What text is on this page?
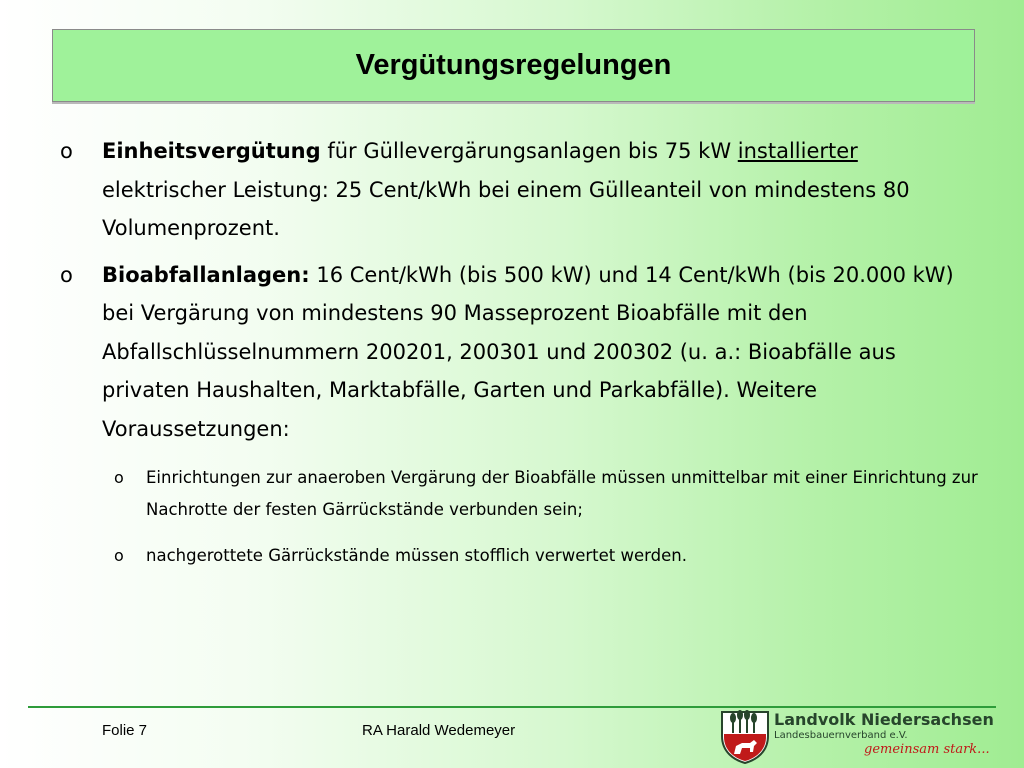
Vergütungsregelungen
o Einheitsvergütung für Güllevergärungsanlagen bis 75 kW installierter elektrischer Leistung: 25 Cent/kWh bei einem Gülleanteil von mindestens 80 Volumenprozent.
o Bioabfallanlagen: 16 Cent/kWh (bis 500 kW) und 14 Cent/kWh (bis 20.000 kW) bei Vergärung von mindestens 90 Masseprozent Bioabfälle mit den Abfallschlüsselnummern 200201, 200301 und 200302 (u. a.: Bioabfälle aus privaten Haushalten, Marktabfälle, Garten und Parkabfälle). Weitere Voraussetzungen:
o Einrichtungen zur anaeroben Vergärung der Bioabfälle müssen unmittelbar mit einer Einrichtung zur Nachrotte der festen Gärrückstände verbunden sein;
o nachgerottete Gärrückstände müssen stofflich verwertet werden.
Folie 7	RA Harald Wedemeyer
Landvolk Niedersachsen
Landesbauernverband e.V.
gemeinsam stark...
